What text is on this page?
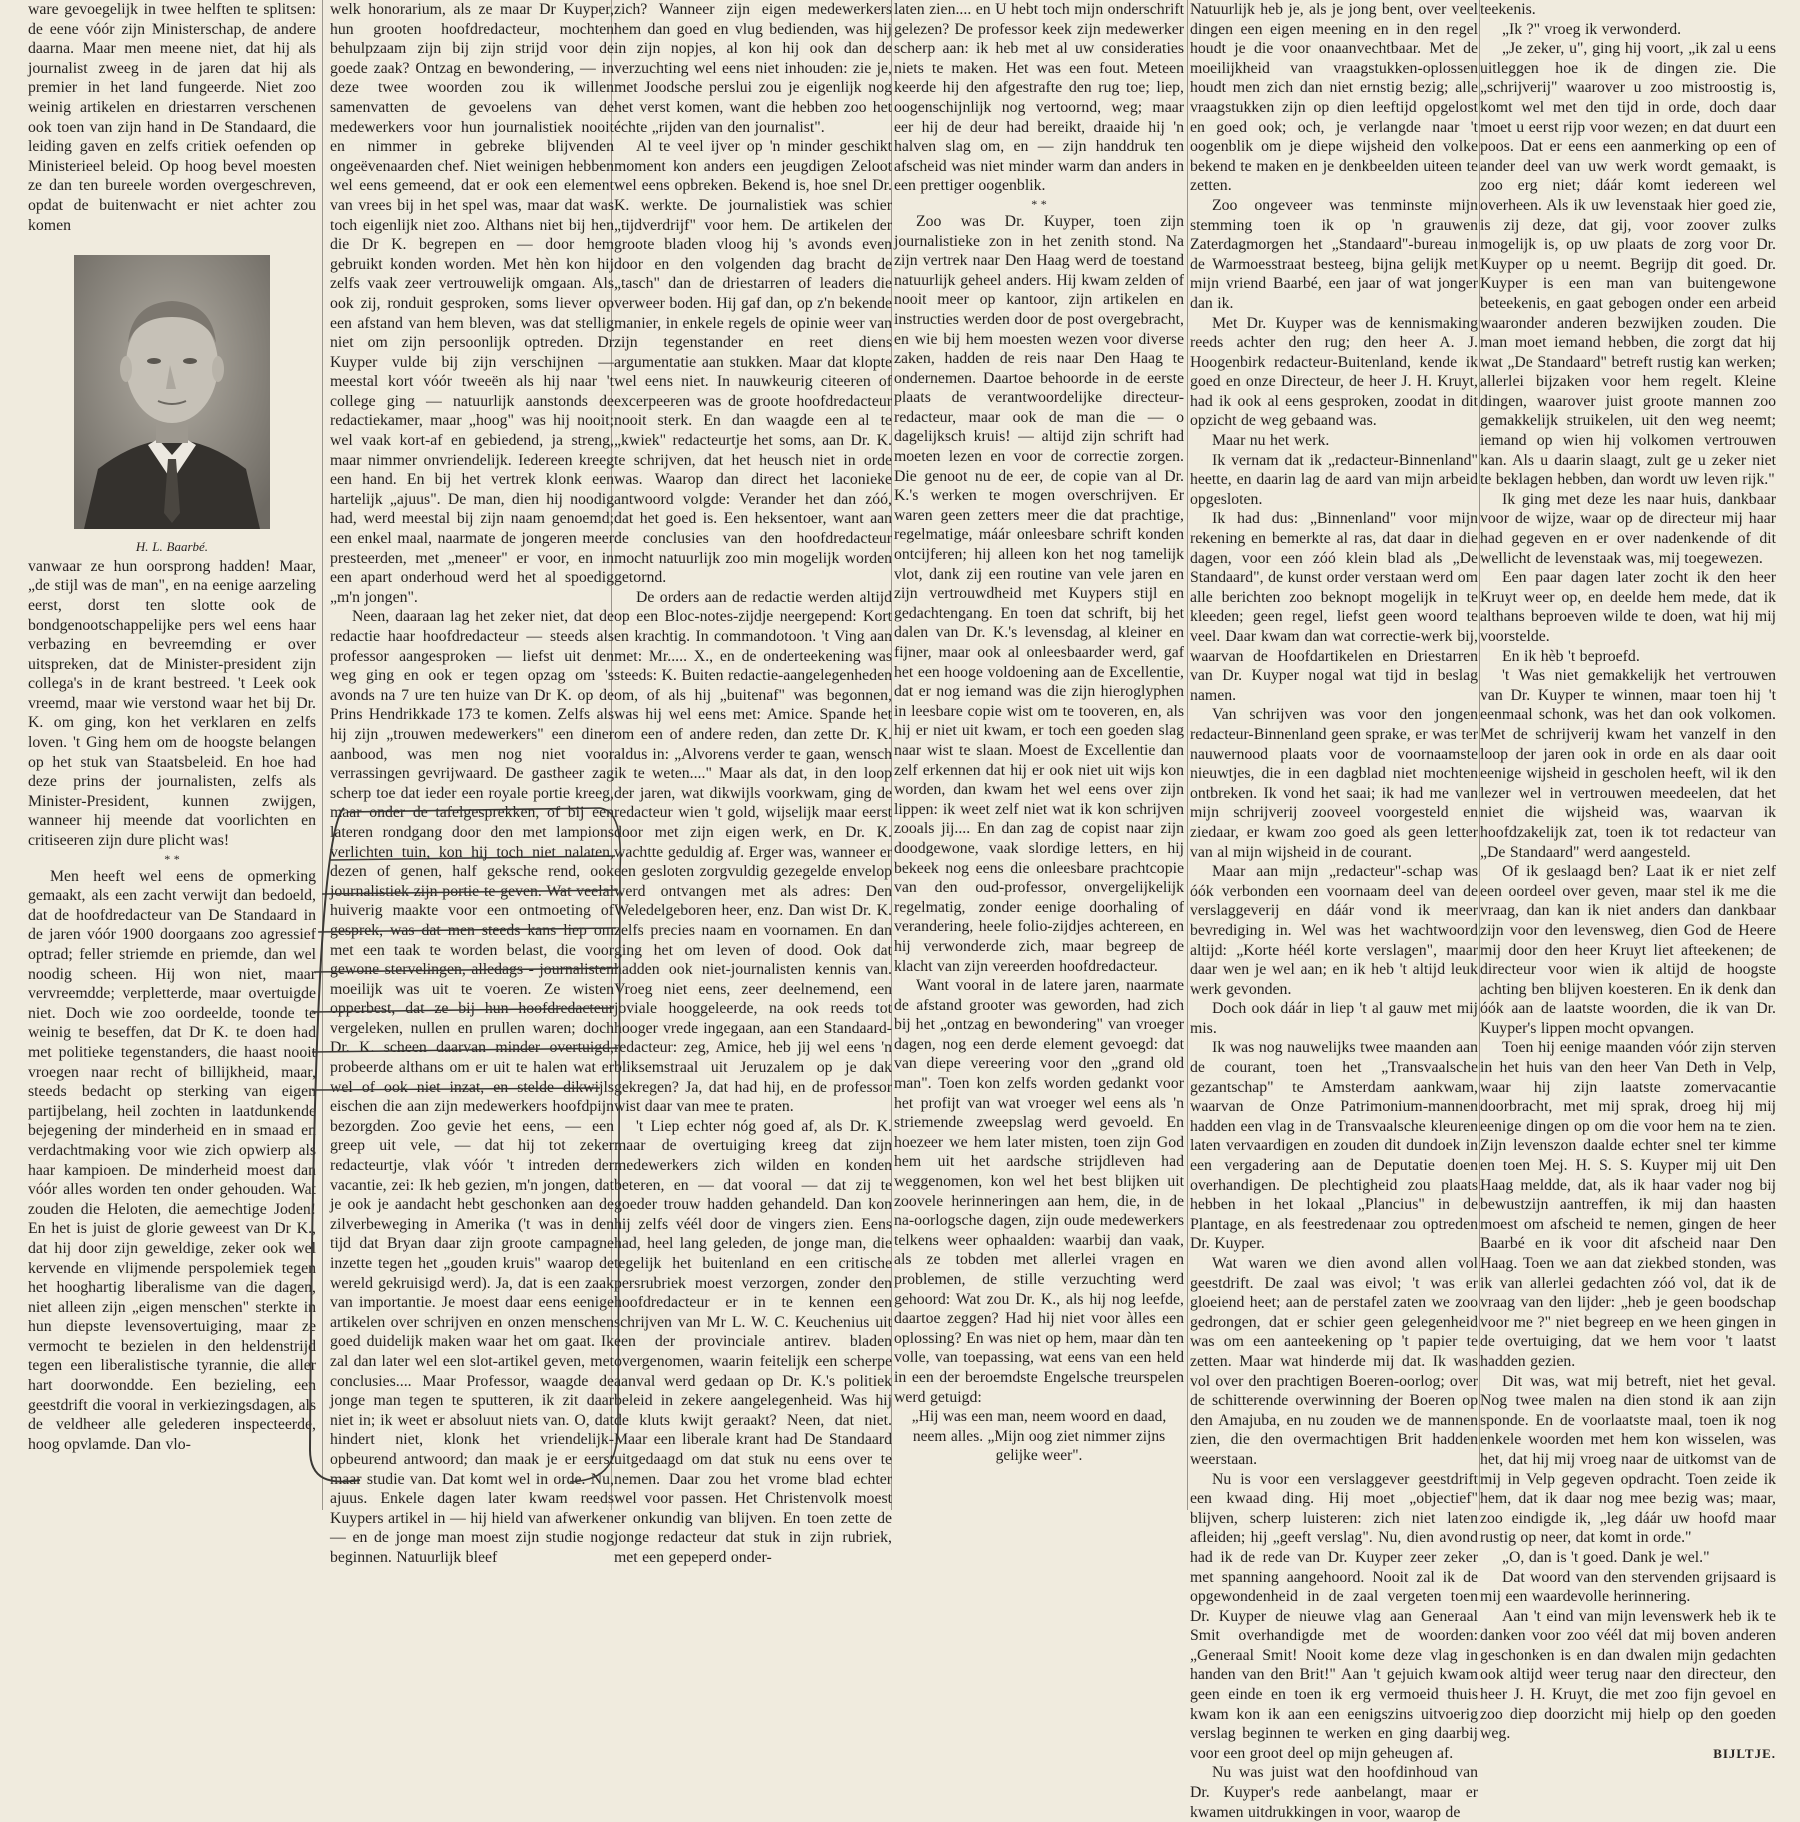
ware gevoegelijk in twee helften te splitsen: de eene vóór zijn Ministerschap, de andere daarna. Maar men meene niet, dat hij als journalist zweeg in de jaren dat hij als premier in het land fungeerde. Niet zoo weinig artikelen en driestarren verschenen ook toen van zijn hand in De Standaard, die leiding gaven en zelfs critiek oefenden op Ministerieel beleid. Op hoog bevel moesten ze dan ten bureele worden overgeschreven, opdat de buitenwacht er niet achter zou komen

H. L. Baarbé.

vanwaar ze hun oorsprong hadden! Maar, „de stijl was de man", en na eenige aarzeling eerst, dorst ten slotte ook de bondgenootschappelijke pers wel eens haar verbazing en bevreemding er over uitspreken, dat de Minister-president zijn collega's in de krant bestreed. 't Leek ook vreemd, maar wie verstond waar het bij Dr. K. om ging, kon het verklaren en zelfs loven. 't Ging hem om de hoogste belangen op het stuk van Staatsbeleid. En hoe had deze prins der journalisten, zelfs als Minister-President, kunnen zwijgen, wanneer hij meende dat voorlichten en critiseeren zijn dure plicht was!

* *

Men heeft wel eens de opmerking gemaakt, als een zacht verwijt dan bedoeld, dat de hoofdredacteur van De Standaard in de jaren vóór 1900 doorgaans zoo agressief optrad; feller striemde en priemde, dan wel noodig scheen. Hij won niet, maar vervreemdde; verpletterde, maar overtuigde niet. Doch wie zoo oordeelde, toonde te weinig te beseffen, dat Dr K. te doen had met politieke tegenstanders, die haast nooit vroegen naar recht of billijkheid, maar, steeds bedacht op sterking van eigen partijbelang, heil zochten in laatdunkende bejegening der minderheid en in smaad en verdachtmaking voor wie zich opwierp als haar kampioen. De minderheid moest dan vóór alles worden ten onder gehouden. Wat zouden die Heloten, die aemechtige Joden! En het is juist de glorie geweest van Dr K., dat hij door zijn geweldige, zeker ook wel kervende en vlijmende perspolemiek tegen het hooghartig liberalisme van die dagen, niet alleen zijn „eigen menschen" sterkte in hun diepste levensovertuiging, maar ze vermocht te bezielen in den heldenstrijd tegen een liberalistische tyrannie, die aller hart doorwondde. Een bezieling, een geestdrift die vooral in verkiezingsdagen, als de veldheer alle gelederen inspecteerde, hoog opvlamde. Dan vlo-

welk honorarium, als ze maar Dr Kuyper, hun grooten hoofdredacteur, mochten behulpzaam zijn bij zijn strijd voor de goede zaak? Ontzag en bewondering, — in deze twee woorden zou ik willen samenvatten de gevoelens van de medewerkers voor hun journalistiek nooit en nimmer in gebreke blijvenden ongeëvenaarden chef. Niet weinigen hebben wel eens gemeend, dat er ook een element van vrees bij in het spel was, maar dat was toch eigenlijk niet zoo. Althans niet bij hen die Dr K. begrepen en — door hem gebruikt konden worden. Met hèn kon hij zelfs vaak zeer vertrouwelijk omgaan. Als ook zij, ronduit gesproken, soms liever op een afstand van hem bleven, was dat stellig niet om zijn persoonlijk optreden. Dr Kuyper vulde bij zijn verschijnen — meestal kort vóór tweeën als hij naar 't college ging — natuurlijk aanstonds de redactiekamer, maar „hoog" was hij nooit; wel vaak kort-af en gebiedend, ja streng, maar nimmer onvriendelijk. Iedereen kreeg een hand. En bij het vertrek klonk een hartelijk „ajuus". De man, dien hij noodig had, werd meestal bij zijn naam genoemd; een enkel maal, naarmate de jongeren meer presteerden, met „meneer" er voor, en in een apart onderhoud werd het al spoedig „m'n jongen".

Neen, daaraan lag het zeker niet, dat de redactie haar hoofdredacteur — steeds als professor aangesproken — liefst uit den weg ging en ook er tegen opzag om 's avonds na 7 ure ten huize van Dr K. op de Prins Hendrikkade 173 te komen. Zelfs als hij zijn „trouwen medewerkers" een diner aanbood, was men nog niet voor verrassingen gevrijwaard. De gastheer zag scherp toe dat ieder een royale portie kreeg, maar onder de tafelgesprekken, of bij een lateren rondgang door den met lampions verlichten tuin, kon hij toch niet nalaten, dezen of genen, half geksche rend, ook journalistiek zijn portie te geven. Wat veelal huiverig maakte voor een ontmoeting of gesprek, was dat men steeds kans liep om met een taak te worden belast, die voor gewone stervelingen, alledags - journalisten moeilijk was uit te voeren. Ze wisten opperbest, dat ze bij hun hoofdredacteur vergeleken, nullen en prullen waren; doch Dr. K. scheen daarvan minder overtuigd, probeerde althans om er uit te halen wat er wel of ook niet inzat, en stelde dikwijls eischen die aan zijn medewerkers hoofdpijn bezorgden. Zoo gevie het eens, — een greep uit vele, — dat hij tot zeker redacteurtje, vlak vóór 't intreden der vacantie, zei: Ik heb gezien, m'n jongen, dat je ook je aandacht hebt geschonken aan de zilverbeweging in Amerika ('t was in den tijd dat Bryan daar zijn groote campagne inzette tegen het „gouden kruis" waarop de wereld gekruisigd werd). Ja, dat is een zaak van importantie. Je moest daar eens eenige artikelen over schrijven en onzen menschen goed duidelijk maken waar het om gaat. Ik zal dan later wel een slot-artikel geven, met conclusies.... Maar Professor, waagde de jonge man tegen te sputteren, ik zit daar niet in; ik weet er absoluut niets van. O, dat hindert niet, klonk het vriendelijk-opbeurend antwoord; dan maak je er eerst maar studie van. Dat komt wel in orde. Nu, ajuus. Enkele dagen later kwam reeds Kuypers artikel in — hij hield van afwerken — en de jonge man moest zijn studie nog beginnen. Natuurlijk bleef

zich? Wanneer zijn eigen medewerkers hem dan goed en vlug bedienden, was hij in zijn nopjes, al kon hij ook dan de verzuchting wel eens niet inhouden: zie je, met Joodsche perslui zou je eigenlijk nog het verst komen, want die hebben zoo het échte „rijden van den journalist".

Al te veel ijver op 'n minder geschikt moment kon anders een jeugdigen Zeloot wel eens opbreken. Bekend is, hoe snel Dr. K. werkte. De journalistiek was schier „tijdverdrijf" voor hem. De artikelen der groote bladen vloog hij 's avonds even door en den volgenden dag bracht de „tasch" dan de driestarren of leaders die verweer boden. Hij gaf dan, op z'n bekende manier, in enkele regels de opinie weer van zijn tegenstander en reet diens argumentatie aan stukken. Maar dat klopte wel eens niet. In nauwkeurig citeeren of excerpeeren was de groote hoofdredacteur nooit sterk. En dan waagde een al te „kwiek" redacteurtje het soms, aan Dr. K. te schrijven, dat het heusch niet in orde was. Waarop dan direct het laconieke antwoord volgde: Verander het dan zóó, dat het goed is. Een heksentoer, want aan de conclusies van den hoofdredacteur mocht natuurlijk zoo min mogelijk worden getornd.

De orders aan de redactie werden altijd op een Bloc-notes-zijdje neergepend: Kort en krachtig. In commandotoon. 't Ving aan met: Mr..... X., en de onderteekening was steeds: K. Buiten redactie-aangelegenheden om, of als hij „buitenaf" was begonnen, was hij wel eens met: Amice. Spande het om een of andere reden, dan zette Dr. K. aldus in: „Alvorens verder te gaan, wensch ik te weten...." Maar als dat, in den loop der jaren, wat dikwijls voorkwam, ging de redacteur wien 't gold, wijselijk maar eerst door met zijn eigen werk, en Dr. K. wachtte geduldig af. Erger was, wanneer er een gesloten zorgvuldig gezegelde envelop werd ontvangen met als adres: Den Weledelgeboren heer, enz. Dan wist Dr. K. zelfs precies naam en voornamen. En dan ging het om leven of dood. Ook dat hadden ook niet-journalisten kennis van. Vroeg niet eens, zeer deelnemend, een joviale hooggeleerde, na ook reeds tot hooger vrede ingegaan, aan een Standaard-redacteur: zeg, Amice, heb jij wel eens 'n bliksemstraal uit Jeruzalem op je dak gekregen? Ja, dat had hij, en de professor wist daar van mee te praten.

't Liep echter nóg goed af, als Dr. K. maar de overtuiging kreeg dat zijn medewerkers zich wilden en konden beteren, en — dat vooral — dat zij te goeder trouw hadden gehandeld. Dan kon hij zelfs véél door de vingers zien. Eens had, heel lang geleden, de jonge man, die tegelijk het buitenland en een critische persrubriek moest verzorgen, zonder den hoofdredacteur er in te kennen een schrijven van Mr L. W. C. Keuchenius uit een der provinciale antirev. bladen overgenomen, waarin feitelijk een scherpe aanval werd gedaan op Dr. K.'s politiek beleid in zekere aangelegenheid. Was hij de kluts kwijt geraakt? Neen, dat niet. Maar een liberale krant had De Standaard uitgedaagd om dat stuk nu eens over te nemen. Daar zou het vrome blad echter wel voor passen. Het Christenvolk moest er onkundig van blijven. En toen zette de jonge redacteur dat stuk in zijn rubriek, met een gepeperd onder-

laten zien.... en U hebt toch mijn onderschrift gelezen? De professor keek zijn medewerker scherp aan: ik heb met al uw consideraties niets te maken. Het was een fout. Meteen keerde hij den afgestrafte den rug toe; liep, oogenschijnlijk nog vertoornd, weg; maar eer hij de deur had bereikt, draaide hij 'n halven slag om, en — zijn handdruk ten afscheid was niet minder warm dan anders in een prettiger oogenblik.

* *

Zoo was Dr. Kuyper, toen zijn journalistieke zon in het zenith stond. Na zijn vertrek naar Den Haag werd de toestand natuurlijk geheel anders. Hij kwam zelden of nooit meer op kantoor, zijn artikelen en instructies werden door de post overgebracht, en wie bij hem moesten wezen voor diverse zaken, hadden de reis naar Den Haag te ondernemen. Daartoe behoorde in de eerste plaats de verantwoordelijke directeur-redacteur, maar ook de man die — o dagelijksch kruis! — altijd zijn schrift had moeten lezen en voor de correctie zorgen. Die genoot nu de eer, de copie van al Dr. K.'s werken te mogen overschrijven. Er waren geen zetters meer die dat prachtige, regelmatige, máár onleesbare schrift konden ontcijferen; hij alleen kon het nog tamelijk vlot, dank zij een routine van vele jaren en zijn vertrouwdheid met Kuypers stijl en gedachtengang. En toen dat schrift, bij het dalen van Dr. K.'s levensdag, al kleiner en fijner, maar ook al onleesbaarder werd, gaf het een hooge voldoening aan de Excellentie, dat er nog iemand was die zijn hieroglyphen in leesbare copie wist om te tooveren, en, als hij er niet uit kwam, er toch een goeden slag naar wist te slaan. Moest de Excellentie dan zelf erkennen dat hij er ook niet uit wijs kon worden, dan kwam het wel eens over zijn lippen: ik weet zelf niet wat ik kon schrijven zooals jij.... En dan zag de copist naar zijn doodgewone, vaak slordige letters, en hij bekeek nog eens die onleesbare prachtcopie van den oud-professor, onvergelijkelijk regelmatig, zonder eenige doorhaling of verandering, heele folio-zijdjes achtereen, en hij verwonderde zich, maar begreep de klacht van zijn vereerden hoofdredacteur.

Want vooral in de latere jaren, naarmate de afstand grooter was geworden, had zich bij het „ontzag en bewondering" van vroeger dagen, nog een derde element gevoegd: dat van diepe vereering voor den „grand old man". Toen kon zelfs worden gedankt voor het profijt van wat vroeger wel eens als 'n striemende zweepslag werd gevoeld. En hoezeer we hem later misten, toen zijn God hem uit het aardsche strijdleven had weggenomen, kon wel het best blijken uit zoovele herinneringen aan hem, die, in de na-oorlogsche dagen, zijn oude medewerkers telkens weer ophaalden: waarbij dan vaak, als ze tobden met allerlei vragen en problemen, de stille verzuchting werd gehoord: Wat zou Dr. K., als hij nog leefde, daartoe zeggen? Had hij niet voor àlles een oplossing? En was niet op hem, maar dàn ten volle, van toepassing, wat eens van een held in een der beroemdste Engelsche treurspelen werd getuigd:

„Hij was een man, neem woord en daad, neem alles. „Mijn oog ziet nimmer zijns gelijke weer".

Natuurlijk heb je, als je jong bent, over veel dingen een eigen meening en in den regel houdt je die voor onaanvechtbaar. Met de moeilijkheid van vraagstukken-oplossen houdt men zich dan niet ernstig bezig; alle vraagstukken zijn op dien leeftijd opgelost en goed ook; och, je verlangde naar 't oogenblik om je diepe wijsheid den volke bekend te maken en je denkbeelden uiteen te zetten.

Zoo ongeveer was tenminste mijn stemming toen ik op 'n grauwen Zaterdagmorgen het „Standaard"-bureau in de Warmoesstraat besteeg, bijna gelijk met mijn vriend Baarbé, een jaar of wat jonger dan ik.

Met Dr. Kuyper was de kennismaking reeds achter den rug; den heer A. J. Hoogenbirk redacteur-Buitenland, kende ik goed en onze Directeur, de heer J. H. Kruyt, had ik ook al eens gesproken, zoodat in dit opzicht de weg gebaand was.

Maar nu het werk.

Ik vernam dat ik „redacteur-Binnenland" heette, en daarin lag de aard van mijn arbeid opgesloten.

Ik had dus: „Binnenland" voor mijn rekening en bemerkte al ras, dat daar in die dagen, voor een zóó klein blad als „De Standaard", de kunst order verstaan werd om alle berichten zoo beknopt mogelijk in te kleeden; geen regel, liefst geen woord te veel. Daar kwam dan wat correctie-werk bij, waarvan de Hoofdartikelen en Driestarren van Dr. Kuyper nogal wat tijd in beslag namen.

Van schrijven was voor den jongen redacteur-Binnenland geen sprake, er was ter nauwernood plaats voor de voornaamste nieuwtjes, die in een dagblad niet mochten ontbreken. Ik vond het saai; ik had me van mijn schrijverij zooveel voorgesteld en ziedaar, er kwam zoo goed als geen letter van al mijn wijsheid in de courant.

Maar aan mijn „redacteur"-schap was óók verbonden een voornaam deel van de verslaggeverij en dáár vond ik meer bevrediging in. Wel was het wachtwoord altijd: „Korte héél korte verslagen", maar daar wen je wel aan; en ik heb 't altijd leuk werk gevonden.

Doch ook dáár in liep 't al gauw met mij mis.

Ik was nog nauwelijks twee maanden aan de courant, toen het „Transvaalsche gezantschap" te Amsterdam aankwam, waarvan de Onze Patrimonium-mannen hadden een vlag in de Transvaalsche kleuren laten vervaardigen en zouden dit dundoek in een vergadering aan de Deputatie doen overhandigen. De plechtigheid zou plaats hebben in het lokaal „Plancius" in de Plantage, en als feestredenaar zou optreden Dr. Kuyper.

Wat waren we dien avond allen vol geestdrift. De zaal was eivol; 't was er gloeiend heet; aan de perstafel zaten we zoo gedrongen, dat er schier geen gelegenheid was om een aanteekening op 't papier te zetten. Maar wat hinderde mij dat. Ik was vol over den prachtigen Boeren-oorlog; over de schitterende overwinning der Boeren op den Amajuba, en nu zouden we de mannen zien, die den overmachtigen Brit hadden weerstaan.

Nu is voor een verslaggever geestdrift een kwaad ding. Hij moet „objectief" blijven, scherp luisteren: zich niet laten afleiden; hij „geeft verslag". Nu, dien avond had ik de rede van Dr. Kuyper zeer zeker met spanning aangehoord. Nooit zal ik de opgewondenheid in de zaal vergeten toen Dr. Kuyper de nieuwe vlag aan Generaal Smit overhandigde met de woorden: „Generaal Smit! Nooit kome deze vlag in handen van den Brit!" Aan 't gejuich kwam geen einde en toen ik erg vermoeid thuis kwam kon ik aan een eenigszins uitvoerig verslag beginnen te werken en ging daarbij voor een groot deel op mijn geheugen af.

Nu was juist wat den hoofdinhoud van Dr. Kuyper's rede aanbelangt, maar er kwamen uitdrukkingen in voor, waarop de

teekenis.

„Ik ?" vroeg ik verwonderd.

„Je zeker, u", ging hij voort, „ik zal u eens uitleggen hoe ik de dingen zie. Die „schrijverij" waarover u zoo mistroostig is, komt wel met den tijd in orde, doch daar moet u eerst rijp voor wezen; en dat duurt een poos. Dat er eens een aanmerking op een of ander deel van uw werk wordt gemaakt, is zoo erg niet; dáár komt iedereen wel overheen. Als ik uw levenstaak hier goed zie, is zij deze, dat gij, voor zoover zulks mogelijk is, op uw plaats de zorg voor Dr. Kuyper op u neemt. Begrijp dit goed. Dr. Kuyper is een man van buitengewone beteekenis, en gaat gebogen onder een arbeid waaronder anderen bezwijken zouden. Die man moet iemand hebben, die zorgt dat hij wat „De Standaard" betreft rustig kan werken; allerlei bijzaken voor hem regelt. Kleine dingen, waarover juist groote mannen zoo gemakkelijk struikelen, uit den weg neemt; iemand op wien hij volkomen vertrouwen kan. Als u daarin slaagt, zult ge u zeker niet te beklagen hebben, dan wordt uw leven rijk."

Ik ging met deze les naar huis, dankbaar voor de wijze, waar op de directeur mij haar had gegeven en er over nadenkende of dit wellicht de levenstaak was, mij toegewezen.

Een paar dagen later zocht ik den heer Kruyt weer op, en deelde hem mede, dat ik althans beproeven wilde te doen, wat hij mij voorstelde.

En ik hèb 't beproefd.

't Was niet gemakkelijk het vertrouwen van Dr. Kuyper te winnen, maar toen hij 't eenmaal schonk, was het dan ook volkomen. Met de schrijverij kwam het vanzelf in den loop der jaren ook in orde en als daar ooit eenige wijsheid in gescholen heeft, wil ik den lezer wel in vertrouwen meedeelen, dat het niet die wijsheid was, waarvan ik hoofdzakelijk zat, toen ik tot redacteur van „De Standaard" werd aangesteld.

Of ik geslaagd ben? Laat ik er niet zelf een oordeel over geven, maar stel ik me die vraag, dan kan ik niet anders dan dankbaar zijn voor den levensweg, dien God de Heere mij door den heer Kruyt liet afteekenen; de directeur voor wien ik altijd de hoogste achting ben blijven koesteren. En ik denk dan óók aan de laatste woorden, die ik van Dr. Kuyper's lippen mocht opvangen.

Toen hij eenige maanden vóór zijn sterven in het huis van den heer Van Deth in Velp, waar hij zijn laatste zomervacantie doorbracht, met mij sprak, droeg hij mij eenige dingen op om die voor hem na te zien. Zijn levenszon daalde echter snel ter kimme en toen Mej. H. S. S. Kuyper mij uit Den Haag meldde, dat, als ik haar vader nog bij bewustzijn aantreffen, ik mij dan haasten moest om afscheid te nemen, gingen de heer Baarbé en ik voor dit afscheid naar Den Haag. Toen we aan dat ziekbed stonden, was ik van allerlei gedachten zóó vol, dat ik de vraag van den lijder: „heb je geen boodschap voor me ?" niet begreep en we heen gingen in de overtuiging, dat we hem voor 't laatst hadden gezien.

Dit was, wat mij betreft, niet het geval. Nog twee malen na dien stond ik aan zijn sponde. En de voorlaatste maal, toen ik nog enkele woorden met hem kon wisselen, was het, dat hij mij vroeg naar de uitkomst van de mij in Velp gegeven opdracht. Toen zeide ik hem, dat ik daar nog mee bezig was; maar, zoo eindigde ik, „leg dáár uw hoofd maar rustig op neer, dat komt in orde."

„O, dan is 't goed. Dank je wel."

Dat woord van den stervenden grijsaard is mij een waardevolle herinnering.

Aan 't eind van mijn levenswerk heb ik te danken voor zoo véél dat mij boven anderen geschonken is en dan dwalen mijn gedachten ook altijd weer terug naar den directeur, den heer J. H. Kruyt, die met zoo fijn gevoel en zoo diep doorzicht mij hielp op den goeden weg.

BIJLTJE.
